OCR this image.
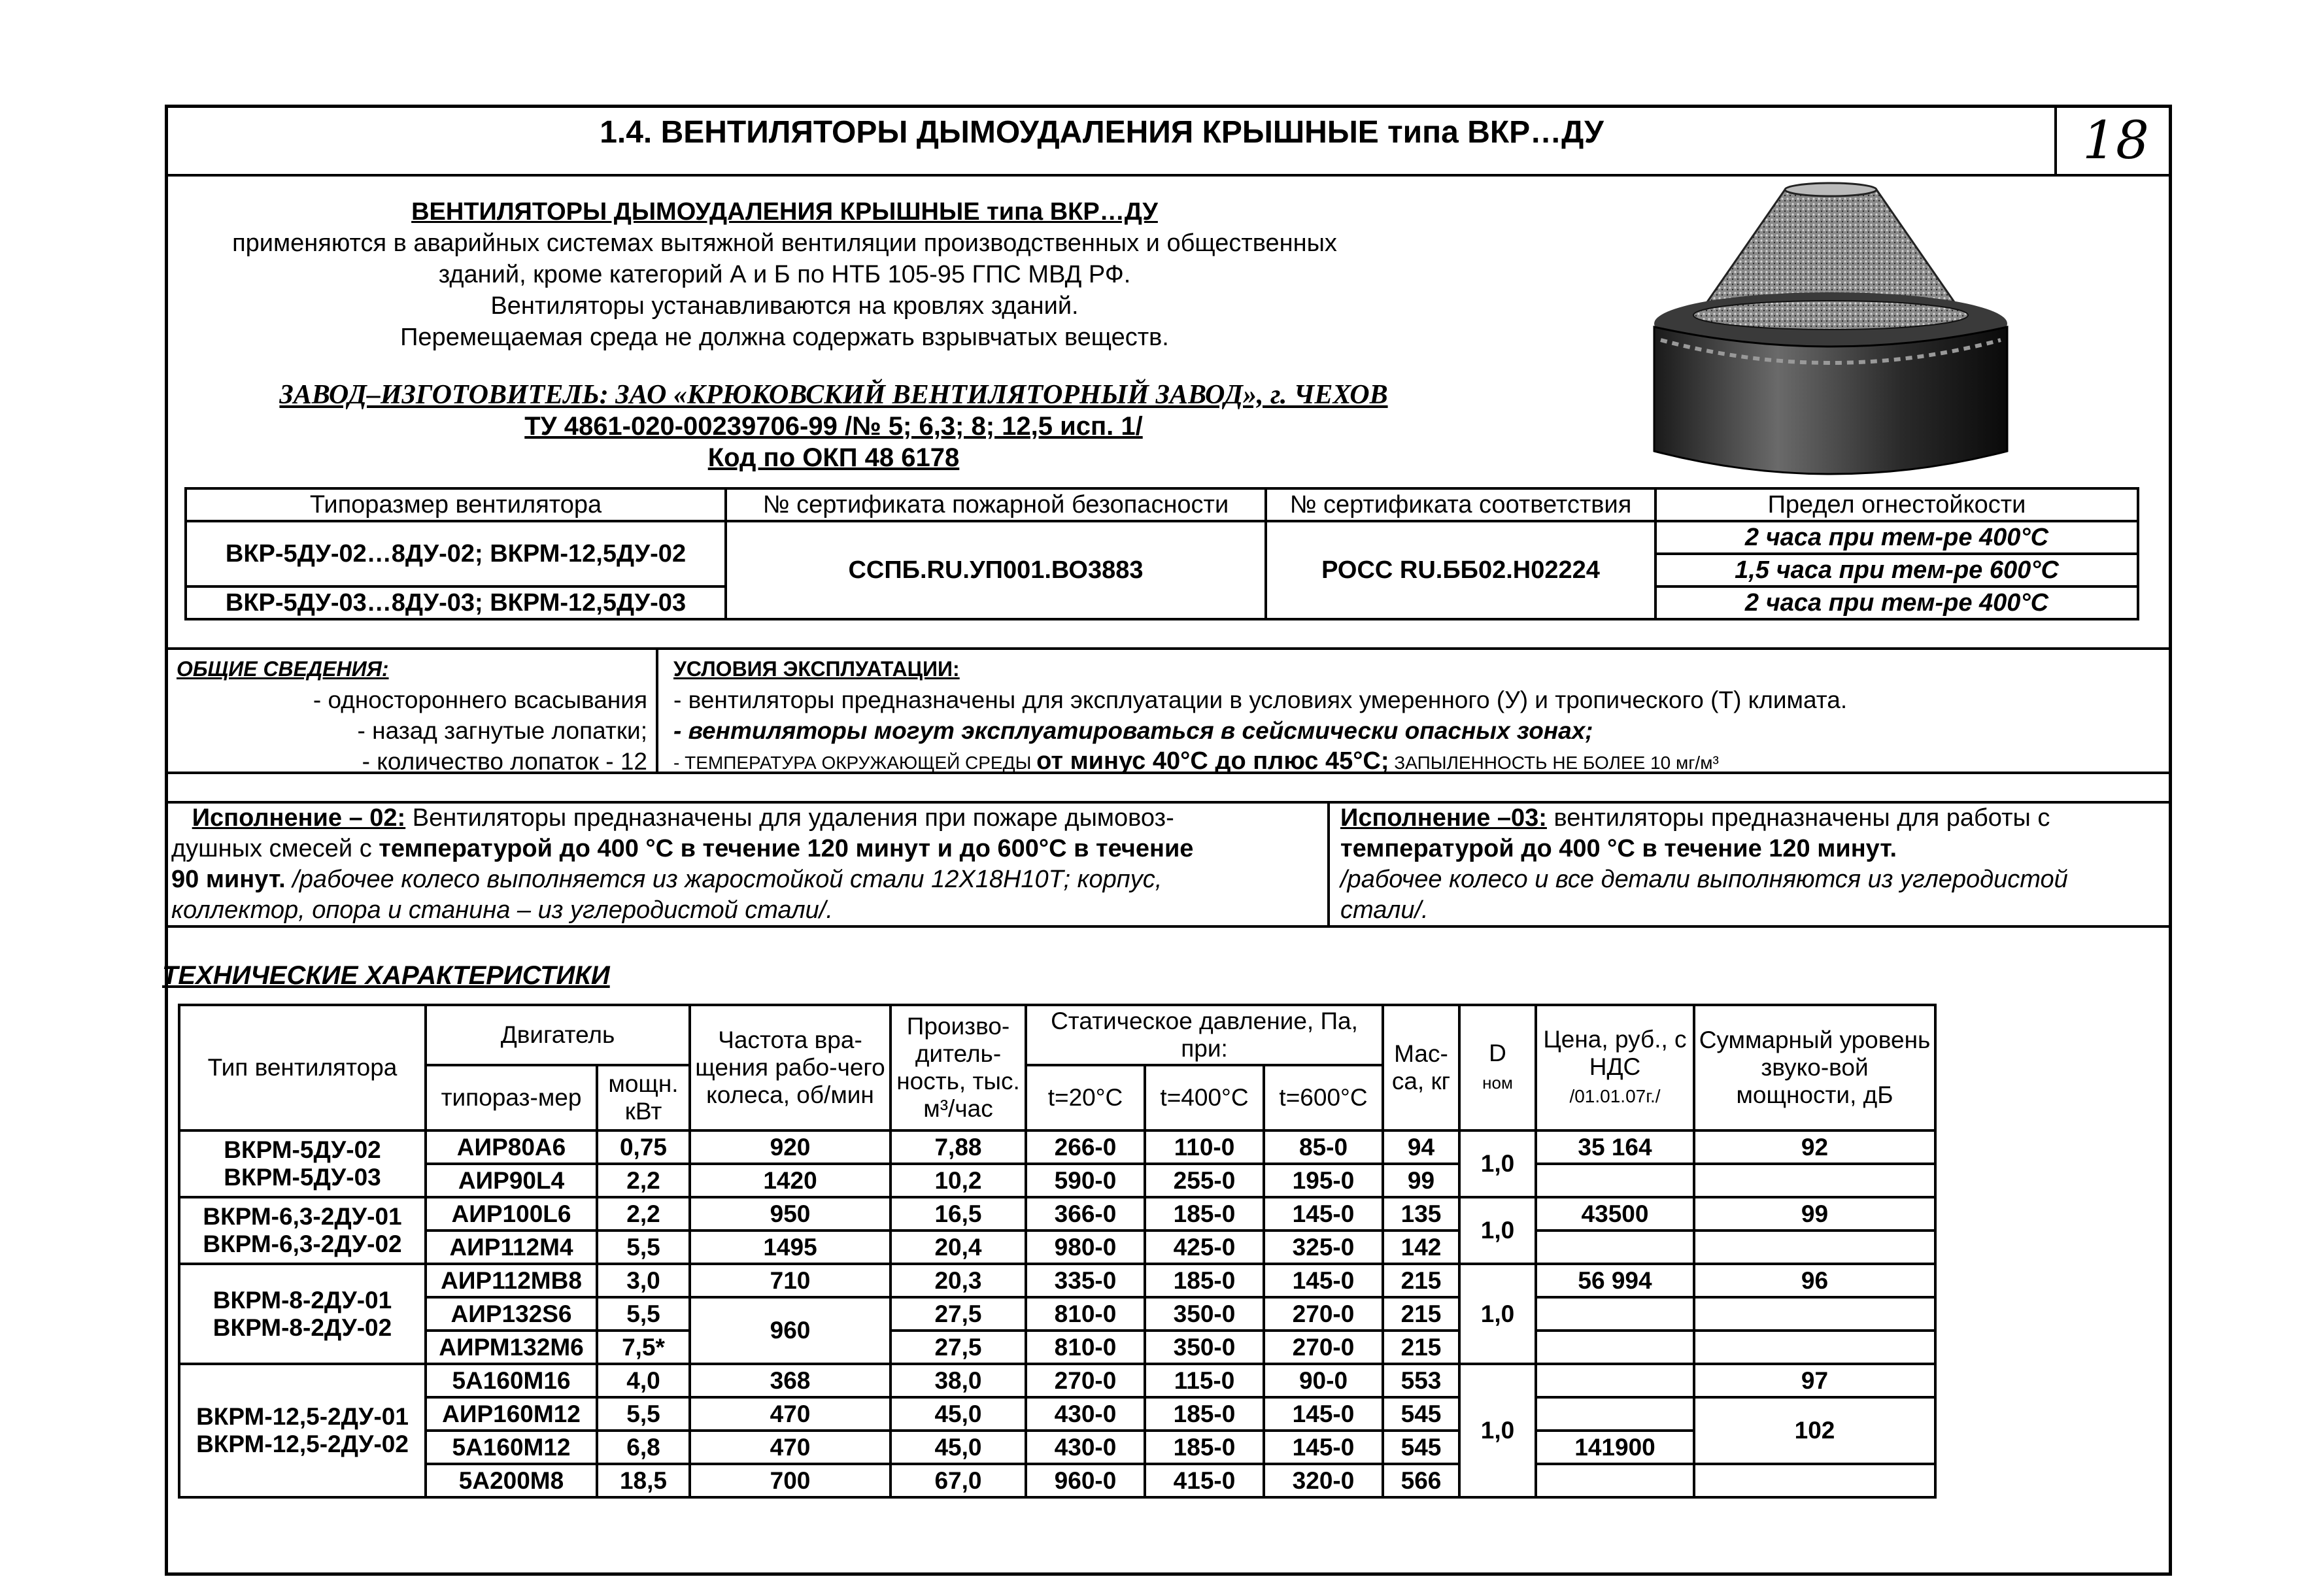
1.4. ВЕНТИЛЯТОРЫ ДЫМОУДАЛЕНИЯ КРЫШНЫЕ типа ВКР…ДУ	18
ВЕНТИЛЯТОРЫ ДЫМОУДАЛЕНИЯ КРЫШНЫЕ типа ВКР…ДУ
применяются в аварийных системах вытяжной вентиляции производственных и общественных
зданий, кроме категорий А и Б по НТБ 105-95 ГПС МВД РФ.
Вентиляторы устанавливаются на кровлях зданий.
Перемещаемая среда не должна содержать взрывчатых веществ.
ЗАВОД–ИЗГОТОВИТЕЛЬ: ЗАО «КРЮКОВСКИЙ ВЕНТИЛЯТОРНЫЙ ЗАВОД», г. ЧЕХОВ
ТУ 4861-020-00239706-99 /№ 5; 6,3; 8; 12,5 исп. 1/
Код по ОКП 48 6178
Типоразмер вентилятора	№ сертификата пожарной безопасности	№ сертификата соответствия	Предел огнестойкости
ВКР-5ДУ-02…8ДУ-02; ВКРМ-12,5ДУ-02	ССПБ.RU.УП001.ВО3883	РОСС RU.ББ02.Н02224	2 часа при тем-ре 400°С
			1,5 часа при тем-ре 600°С
ВКР-5ДУ-03…8ДУ-03; ВКРМ-12,5ДУ-03			2 часа при тем-ре 400°С
ОБЩИЕ СВЕДЕНИЯ:
- одностороннего всасывания
- назад загнутые лопатки;
- количество лопаток - 12
УСЛОВИЯ ЭКСПЛУАТАЦИИ:
- вентиляторы предназначены для эксплуатации в условиях умеренного (У) и тропического (Т) климата.
- вентиляторы могут эксплуатироваться в сейсмически опасных зонах;
- ТЕМПЕРАТУРА ОКРУЖАЮЩЕЙ СРЕДЫ от минус 40°С до плюс 45°С; ЗАПЫЛЕННОСТЬ НЕ БОЛЕЕ 10 мг/м³
Исполнение – 02: Вентиляторы предназначены для удаления при пожаре дымовоз-
душных смесей с температурой до 400 °С в течение 120 минут и до 600°С в течение
90 минут. /рабочее колесо выполняется из жаростойкой стали 12Х18Н10Т; корпус,
коллектор, опора и станина – из углеродистой стали/.
Исполнение –03: вентиляторы предназначены для работы с
температурой до 400 °С в течение 120 минут.
/рабочее колесо и все детали выполняются из углеродистой
стали/.
ТЕХНИЧЕСКИЕ ХАРАКТЕРИСТИКИ
Тип вентилятора	Двигатель		Частота вра-щения рабо-чего колеса, об/мин	Произво-дитель-ность, тыс. м³/час	Статическое давление, Па, при:			Мас-са, кг	D
ном	Цена, руб., с НДС
/01.01.07г./	Суммарный уровень звуко-вой мощности, дБ
	типораз-мер	мощн. кВт			t=20°С	t=400°С	t=600°С				
ВКРМ-5ДУ-02
ВКРМ-5ДУ-03	АИР80А6	0,75	920	7,88	266-0	110-0	85-0	94	1,0	35 164	92
	АИР90L4	2,2	1420	10,2	590-0	255-0	195-0	99			
ВКРМ-6,3-2ДУ-01
ВКРМ-6,3-2ДУ-02	АИР100L6	2,2	950	16,5	366-0	185-0	145-0	135	1,0	43500	99
	АИР112М4	5,5	1495	20,4	980-0	425-0	325-0	142			
ВКРМ-8-2ДУ-01
ВКРМ-8-2ДУ-02	АИР112МВ8	3,0	710	20,3	335-0	185-0	145-0	215	1,0	56 994	96
	АИР132S6	5,5	960	27,5	810-0	350-0	270-0	215			
	АИРМ132М6	7,5*		27,5	810-0	350-0	270-0	215			
ВКРМ-12,5-2ДУ-01
ВКРМ-12,5-2ДУ-02	5А160М16	4,0	368	38,0	270-0	115-0	90-0	553	1,0		97
	АИР160М12	5,5	470	45,0	430-0	185-0	145-0	545			102
	5А160М12	6,8	470	45,0	430-0	185-0	145-0	545		141900	
	5А200М8	18,5	700	67,0	960-0	415-0	320-0	566			
